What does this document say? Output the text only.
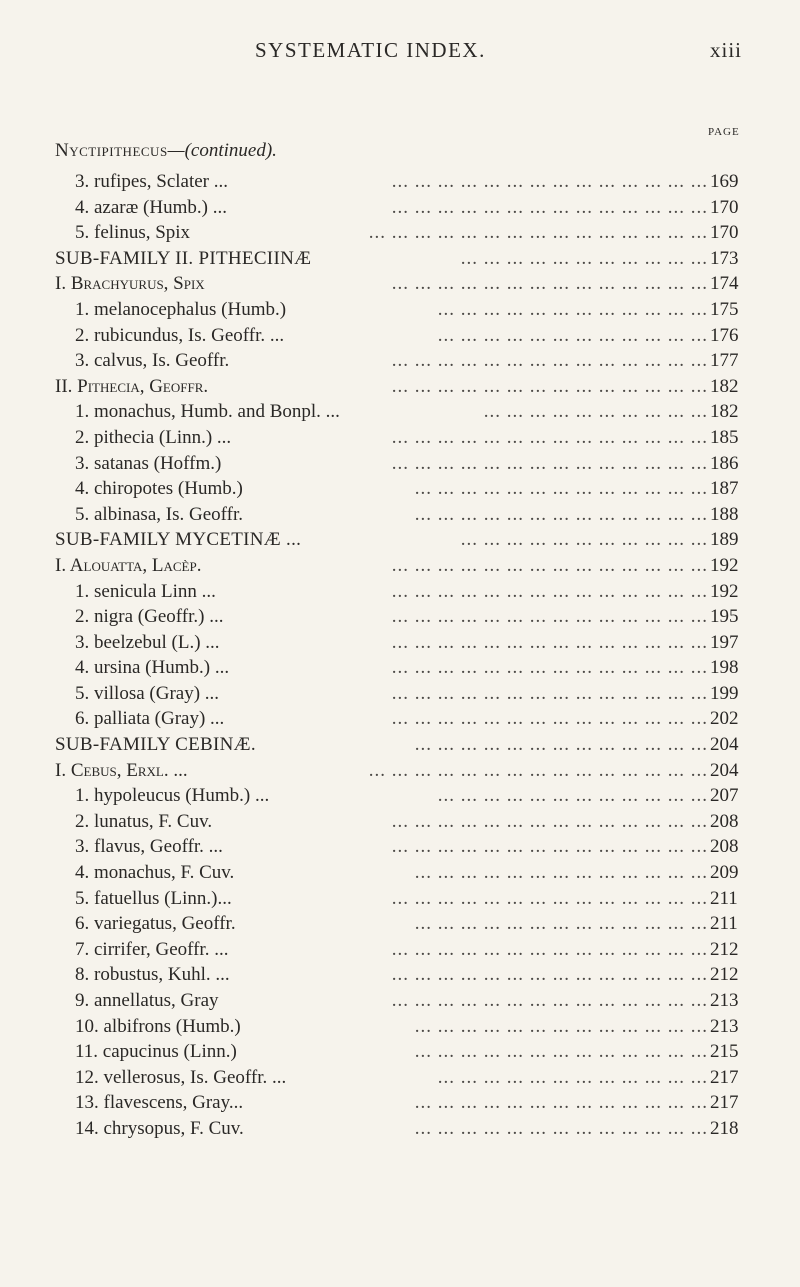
SYSTEMATIC INDEX.	xiii
PAGE
Nyctipithecus—(continued).
3. rufipes, Sclater ...	... ... ... ... ... ... ... ... ... ... ... ... ... ... 169
4. azaræ (Humb.) ...	... ... ... ... ... ... ... ... ... ... ... ... ... ... 170
5. felinus, Spix	... ... ... ... ... ... ... ... ... ... ... ... ... ... ... 170
SUB-FAMILY II. PITHECIINÆ	... ... ... ... ... ... ... ... ... ... ... 173
I. Brachyurus, Spix	... ... ... ... ... ... ... ... ... ... ... ... ... ... 174
1. melanocephalus (Humb.)	... ... ... ... ... ... ... ... ... ... ... ... 175
2. rubicundus, Is. Geoffr. ...	... ... ... ... ... ... ... ... ... ... ... ... 176
3. calvus, Is. Geoffr.	... ... ... ... ... ... ... ... ... ... ... ... ... ... 177
II. Pithecia, Geoffr.	... ... ... ... ... ... ... ... ... ... ... ... ... ... 182
1. monachus, Humb. and Bonpl. ...	... ... ... ... ... ... ... ... ... ... 182
2. pithecia (Linn.) ...	... ... ... ... ... ... ... ... ... ... ... ... ... ... 185
3. satanas (Hoffm.)	... ... ... ... ... ... ... ... ... ... ... ... ... ... 186
4. chiropotes (Humb.)	... ... ... ... ... ... ... ... ... ... ... ... ... 187
5. albinasa, Is. Geoffr.	... ... ... ... ... ... ... ... ... ... ... ... ... 188
SUB-FAMILY MYCETINÆ ...	... ... ... ... ... ... ... ... ... ... ... 189
I. Alouatta, Lacèp.	... ... ... ... ... ... ... ... ... ... ... ... ... ... 192
1. senicula Linn ...	... ... ... ... ... ... ... ... ... ... ... ... ... ... 192
2. nigra (Geoffr.) ...	... ... ... ... ... ... ... ... ... ... ... ... ... ... 195
3. beelzebul (L.) ...	... ... ... ... ... ... ... ... ... ... ... ... ... ... 197
4. ursina (Humb.) ...	... ... ... ... ... ... ... ... ... ... ... ... ... ... 198
5. villosa (Gray) ...	... ... ... ... ... ... ... ... ... ... ... ... ... ... 199
6. palliata (Gray) ...	... ... ... ... ... ... ... ... ... ... ... ... ... ... 202
SUB-FAMILY CEBINÆ.	... ... ... ... ... ... ... ... ... ... ... ... ... 204
I. Cebus, Erxl. ...	... ... ... ... ... ... ... ... ... ... ... ... ... ... ... 204
1. hypoleucus (Humb.) ...	... ... ... ... ... ... ... ... ... ... ... ... 207
2. lunatus, F. Cuv.	... ... ... ... ... ... ... ... ... ... ... ... ... ... 208
3. flavus, Geoffr. ...	... ... ... ... ... ... ... ... ... ... ... ... ... ... 208
4. monachus, F. Cuv.	... ... ... ... ... ... ... ... ... ... ... ... ... 209
5. fatuellus (Linn.)...	... ... ... ... ... ... ... ... ... ... ... ... ... ... 211
6. variegatus, Geoffr.	... ... ... ... ... ... ... ... ... ... ... ... ... 211
7. cirrifer, Geoffr. ...	... ... ... ... ... ... ... ... ... ... ... ... ... ... 212
8. robustus, Kuhl. ...	... ... ... ... ... ... ... ... ... ... ... ... ... ... 212
9. annellatus, Gray	... ... ... ... ... ... ... ... ... ... ... ... ... ... 213
10. albifrons (Humb.)	... ... ... ... ... ... ... ... ... ... ... ... ... 213
11. capucinus (Linn.)	... ... ... ... ... ... ... ... ... ... ... ... ... 215
12. vellerosus, Is. Geoffr. ...	... ... ... ... ... ... ... ... ... ... ... ... 217
13. flavescens, Gray...	... ... ... ... ... ... ... ... ... ... ... ... ... 217
14. chrysopus, F. Cuv.	... ... ... ... ... ... ... ... ... ... ... ... ... 218
